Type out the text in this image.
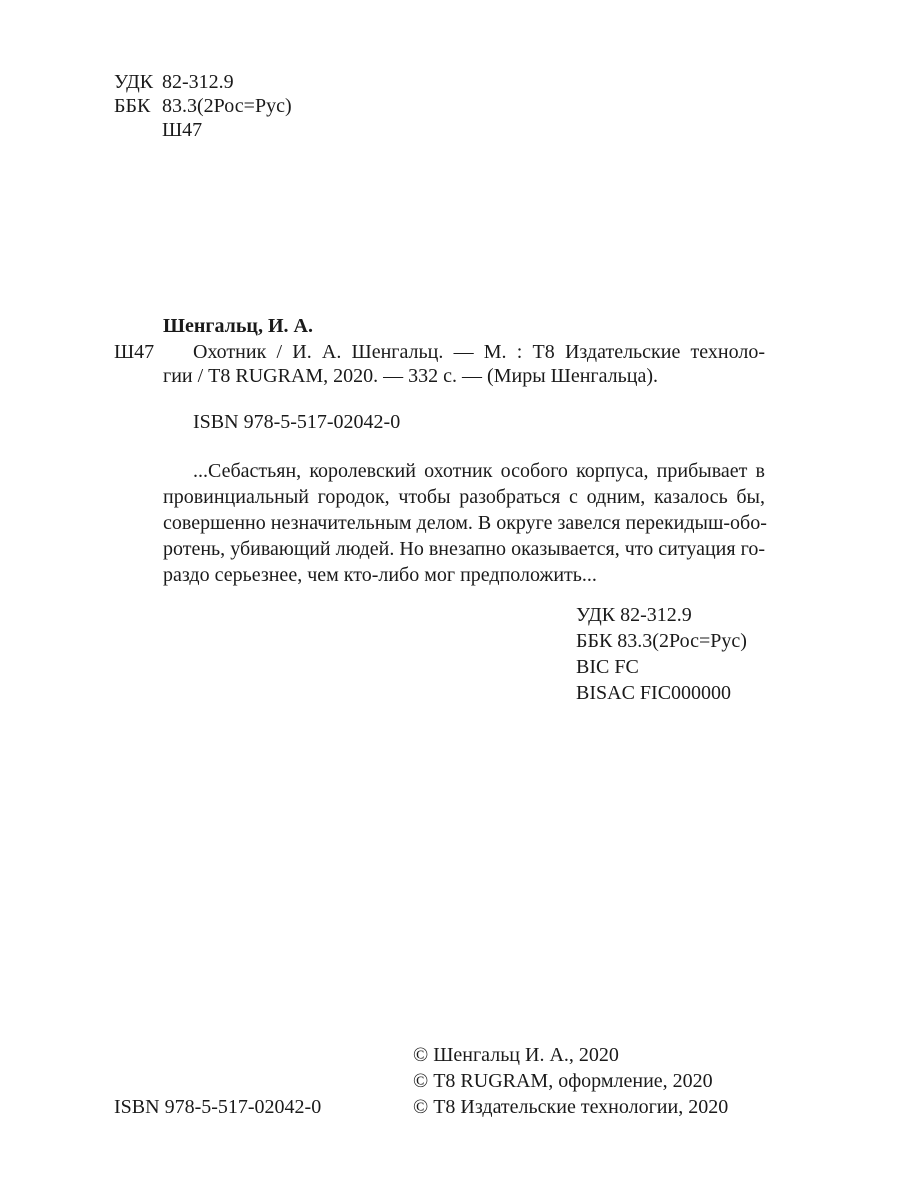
УДК 82-312.9
ББК 83.3(2Рос=Рус)
Ш47
Шенгальц, И. А.
Ш47 Охотник / И. А. Шенгальц. — М. : Т8 Издательские техноло-
гии / Т8 RUGRAM, 2020. — 332 с. — (Миры Шенгальца).
ISBN 978-5-517-02042-0
...Себастьян, королевский охотник особого корпуса, прибывает в
провинциальный городок, чтобы разобраться с одним, казалось бы,
совершенно незначительным делом. В округе завелся перекидыш-обо-
ротень, убивающий людей. Но внезапно оказывается, что ситуация го-
раздо серьезнее, чем кто-либо мог предположить...
УДК 82-312.9
ББК 83.3(2Рос=Рус)
BIC FC
BISAC FIC000000
© Шенгальц И. А., 2020
© Т8 RUGRAM, оформление, 2020
© Т8 Издательские технологии, 2020
ISBN 978-5-517-02042-0
